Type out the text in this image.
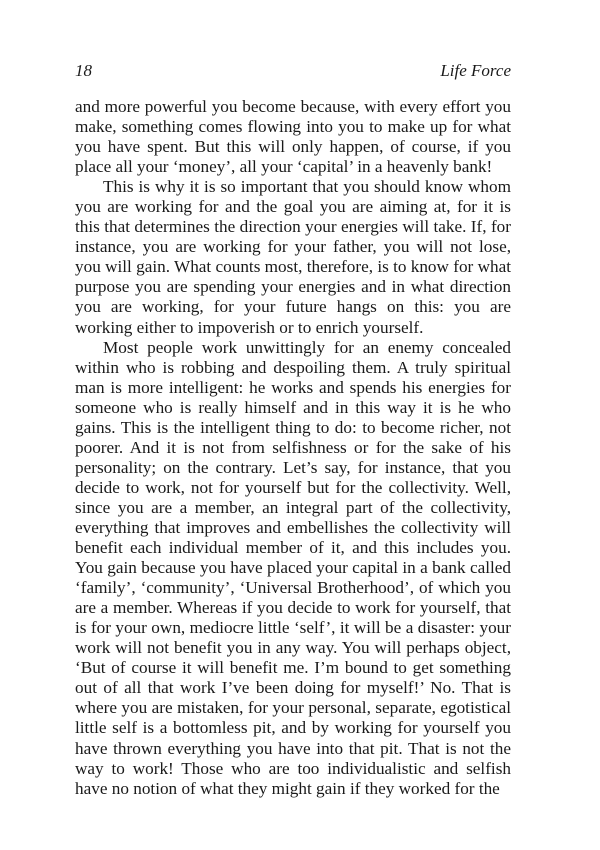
18	Life Force

and more powerful you become because, with every effort you make, something comes flowing into you to make up for what you have spent. But this will only happen, of course, if you place all your ‘money’, all your ‘capital’ in a heavenly bank!

This is why it is so important that you should know whom you are working for and the goal you are aiming at, for it is this that determines the direction your energies will take. If, for instance, you are working for your father, you will not lose, you will gain. What counts most, therefore, is to know for what purpose you are spending your energies and in what direction you are working, for your future hangs on this: you are working either to impoverish or to enrich yourself.

Most people work unwittingly for an enemy concealed within who is robbing and despoiling them. A truly spiritual man is more intelligent: he works and spends his energies for someone who is really himself and in this way it is he who gains. This is the intelligent thing to do: to become richer, not poorer. And it is not from selfishness or for the sake of his personality; on the contrary. Let’s say, for instance, that you decide to work, not for yourself but for the collectivity. Well, since you are a member, an integral part of the collectivity, everything that improves and embellishes the collectivity will benefit each individual member of it, and this includes you. You gain because you have placed your capital in a bank called ‘family’, ‘community’, ‘Universal Brotherhood’, of which you are a member. Whereas if you decide to work for yourself, that is for your own, mediocre little ‘self’, it will be a disaster: your work will not benefit you in any way. You will perhaps object, ‘But of course it will benefit me. I’m bound to get something out of all that work I’ve been doing for myself!’ No. That is where you are mistaken, for your personal, separate, egotistical little self is a bottomless pit, and by working for yourself you have thrown everything you have into that pit. That is not the way to work! Those who are too individualistic and selfish have no notion of what they might gain if they worked for the
